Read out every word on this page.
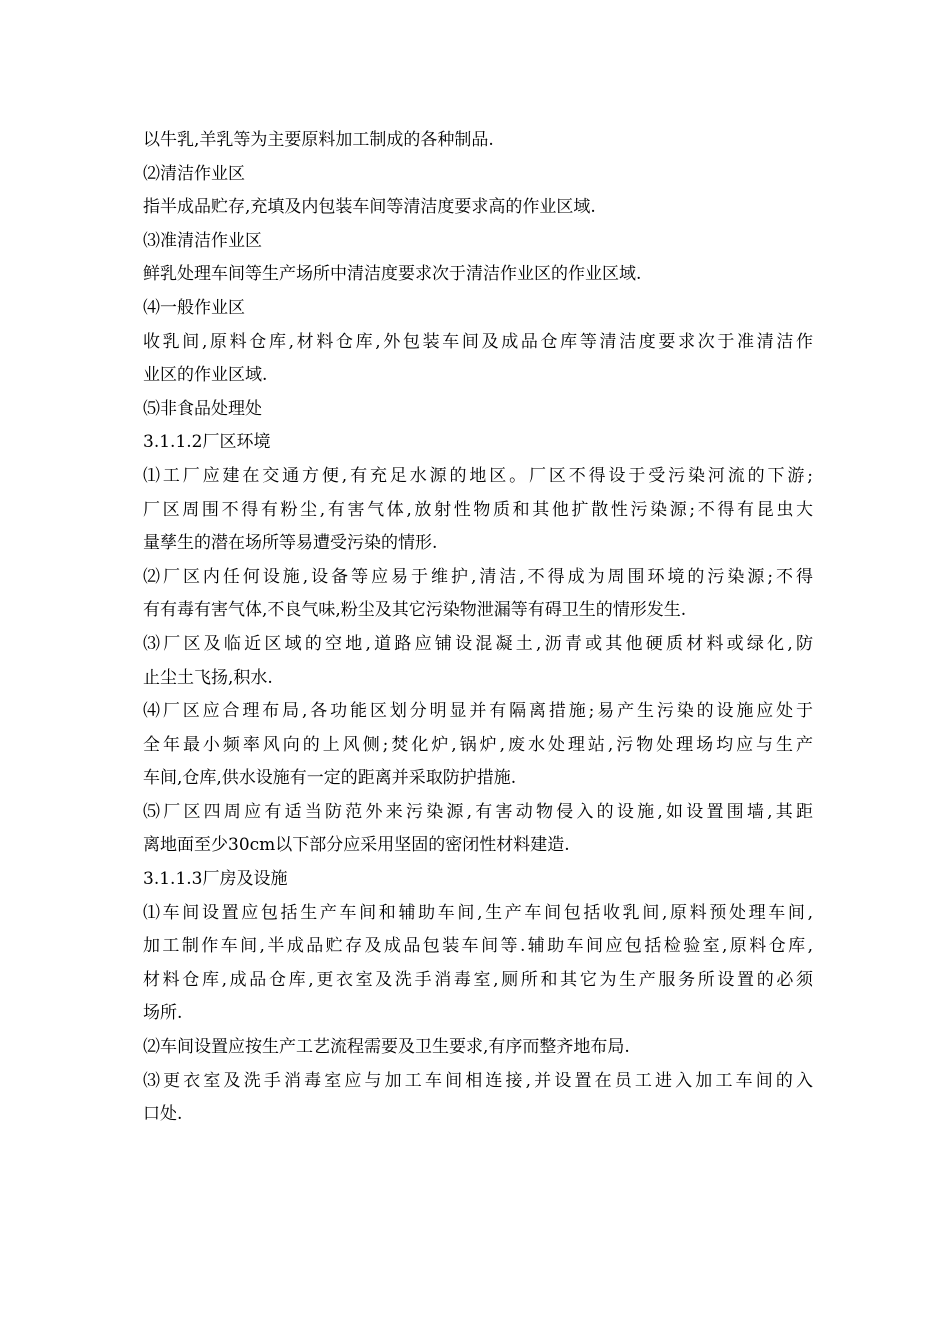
以牛乳,羊乳等为主要原料加工制成的各种制品.
⑵清洁作业区
指半成品贮存,充填及内包装车间等清洁度要求高的作业区域.
⑶准清洁作业区
鲜乳处理车间等生产场所中清洁度要求次于清洁作业区的作业区域.
⑷一般作业区
收乳间,原料仓库,材料仓库,外包装车间及成品仓库等清洁度要求次于准清洁作
业区的作业区域.
⑸非食品处理处
3.1.1.2厂区环境
⑴工厂应建在交通方便,有充足水源的地区。厂区不得设于受污染河流的下游;
厂区周围不得有粉尘,有害气体,放射性物质和其他扩散性污染源;不得有昆虫大
量孳生的潜在场所等易遭受污染的情形.
⑵厂区内任何设施,设备等应易于维护,清洁,不得成为周围环境的污染源;不得
有有毒有害气体,不良气味,粉尘及其它污染物泄漏等有碍卫生的情形发生.
⑶厂区及临近区域的空地,道路应铺设混凝土,沥青或其他硬质材料或绿化,防
止尘土飞扬,积水.
⑷厂区应合理布局,各功能区划分明显并有隔离措施;易产生污染的设施应处于
全年最小频率风向的上风侧;焚化炉,锅炉,废水处理站,污物处理场均应与生产
车间,仓库,供水设施有一定的距离并采取防护措施.
⑸厂区四周应有适当防范外来污染源,有害动物侵入的设施,如设置围墙,其距
离地面至少30cm以下部分应采用坚固的密闭性材料建造.
3.1.1.3厂房及设施
⑴车间设置应包括生产车间和辅助车间,生产车间包括收乳间,原料预处理车间,
加工制作车间,半成品贮存及成品包装车间等.辅助车间应包括检验室,原料仓库,
材料仓库,成品仓库,更衣室及洗手消毒室,厕所和其它为生产服务所设置的必须
场所.
⑵车间设置应按生产工艺流程需要及卫生要求,有序而整齐地布局.
⑶更衣室及洗手消毒室应与加工车间相连接,并设置在员工进入加工车间的入
口处.
